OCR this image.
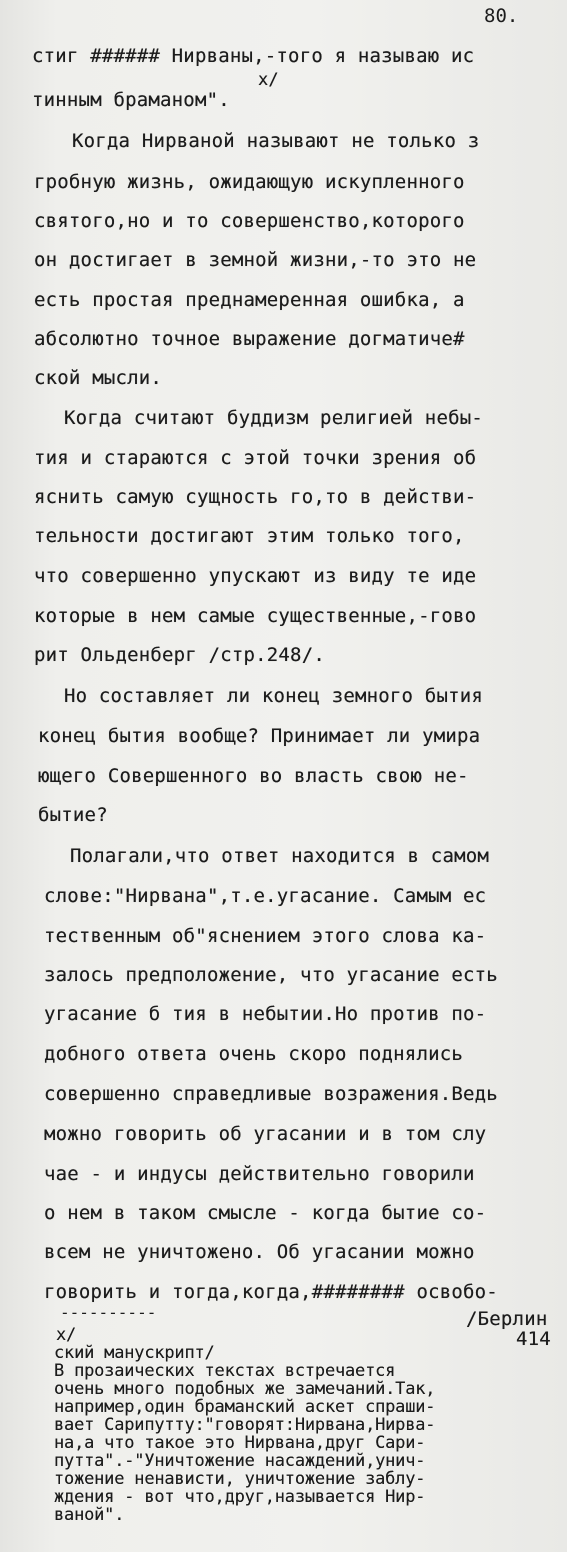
80.
стиг ###### Нирваны,-того я называю ис
x/
тинным браманом".
Когда Нирваной называют не только з
гробную жизнь, ожидающую искупленного
святого,но и то совершенство,которого
он достигает в земной жизни,-то это не
есть простая преднамеренная ошибка, а
абсолютно точное выражение догматиче#
ской мысли.
Когда считают буддизм религией небы-
тия и стараются с этой точки зрения об
яснить самую сущность го,то в действи-
тельности достигают этим только того,
что совершенно упускают из виду те иде
которые в нем самые существенные,-гово
рит Ольденберг /стр.248/.
Но составляет ли конец земного бытия
конец бытия вообще? Принимает ли умира
ющего Совершенного во власть свою не-
бытие?
Полагали,что ответ находится в самом
слове:"Нирвана",т.е.угасание. Самым ес
тественным об"яснением этого слова ка-
залось предположение, что угасание есть
угасание б тия в небытии.Но против по-
добного ответа очень скоро поднялись
совершенно справедливые возражения.Ведь
можно говорить об угасании и в том слу
чае - и индусы действительно говорили
о нем в таком смысле - когда бытие со-
всем не уничтожено. Об угасании можно
говорить и тогда,когда,######## освобо-
----------	/Берлин
x/	414
ский манускрипт/
В прозаических текстах встречается
очень много подобных же замечаний.Так,
например,один браманский аскет спраши-
вает Сарипутту:"говорят:Нирвана,Нирва-
на,а что такое это Нирвана,друг Сари-
путта".-"Уничтожение насаждений,унич-
тожение ненависти, уничтожение заблу-
ждения - вот что,друг,называется Нир-
ваной".
